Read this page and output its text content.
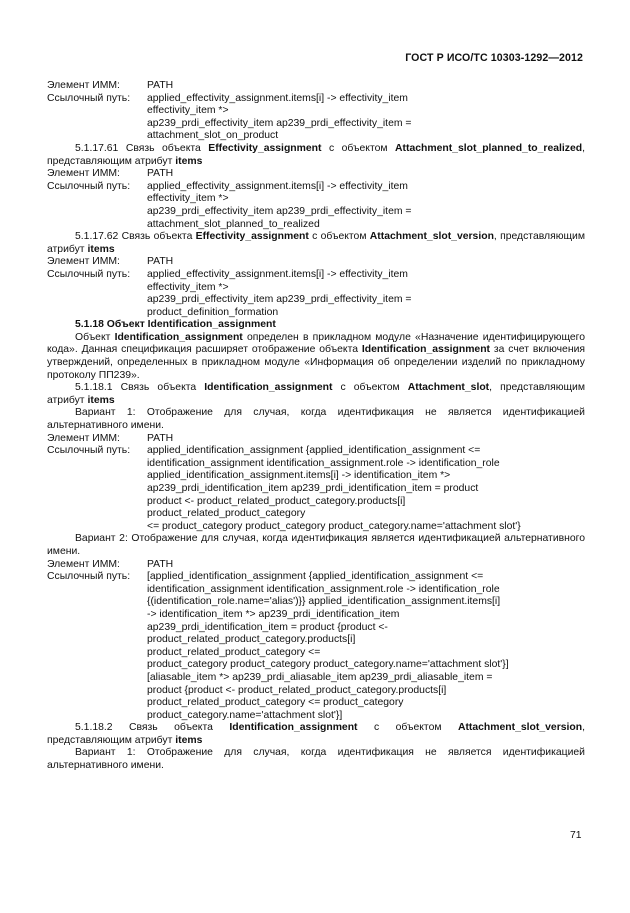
ГОСТ Р ИСО/ТС 10303-1292—2012
Элемент ИММ:	PATH
Ссылочный путь:	applied_effectivity_assignment.items[i] -> effectivity_item
effectivity_item *>
ap239_prdi_effectivity_item ap239_prdi_effectivity_item =
attachment_slot_on_product
5.1.17.61 Связь объекта Effectivity_assignment с объектом Attachment_slot_planned_to_realized, представляющим атрибут items
Элемент ИММ:	PATH
Ссылочный путь:	applied_effectivity_assignment.items[i] -> effectivity_item
effectivity_item *>
ap239_prdi_effectivity_item ap239_prdi_effectivity_item =
attachment_slot_planned_to_realized
5.1.17.62 Связь объекта Effectivity_assignment с объектом Attachment_slot_version, представляющим атрибут items
Элемент ИММ:	PATH
Ссылочный путь:	applied_effectivity_assignment.items[i] -> effectivity_item
effectivity_item *>
ap239_prdi_effectivity_item ap239_prdi_effectivity_item =
product_definition_formation
5.1.18 Объект Identification_assignment
Объект Identification_assignment определен в прикладном модуле «Назначение идентифицирующего кода». Данная спецификация расширяет отображение объекта Identification_assignment за счет включения утверждений, определенных в прикладном модуле «Информация об определении изделий по прикладному протоколу ПП239».
5.1.18.1 Связь объекта Identification_assignment с объектом Attachment_slot, представляющим атрибут items
Вариант 1: Отображение для случая, когда идентификация не является идентификацией альтернативного имени.
Элемент ИММ:	PATH
Ссылочный путь:	applied_identification_assignment {applied_identification_assignment <=
identification_assignment identification_assignment.role -> identification_role
applied_identification_assignment.items[i] -> identification_item *>
ap239_prdi_identification_item ap239_prdi_identification_item = product
product <- product_related_product_category.products[i]
product_related_product_category
<= product_category product_category product_category.name='attachment slot'}
Вариант 2: Отображение для случая, когда идентификация является идентификацией альтернативного имени.
Элемент ИММ:	PATH
Ссылочный путь:	[applied_identification_assignment {applied_identification_assignment <=
identification_assignment identification_assignment.role -> identification_role
{(identification_role.name='alias')}} applied_identification_assignment.items[i]
-> identification_item *> ap239_prdi_identification_item
ap239_prdi_identification_item = product {product <-
product_related_product_category.products[i]
product_related_product_category <=
product_category product_category product_category.name='attachment slot'}]
[aliasable_item *> ap239_prdi_aliasable_item ap239_prdi_aliasable_item =
product {product <- product_related_product_category.products[i]
product_related_product_category <= product_category
product_category.name='attachment slot'}]
5.1.18.2 Связь объекта Identification_assignment с объектом Attachment_slot_version, представляющим атрибут items
Вариант 1: Отображение для случая, когда идентификация не является идентификацией альтернативного имени.
71
